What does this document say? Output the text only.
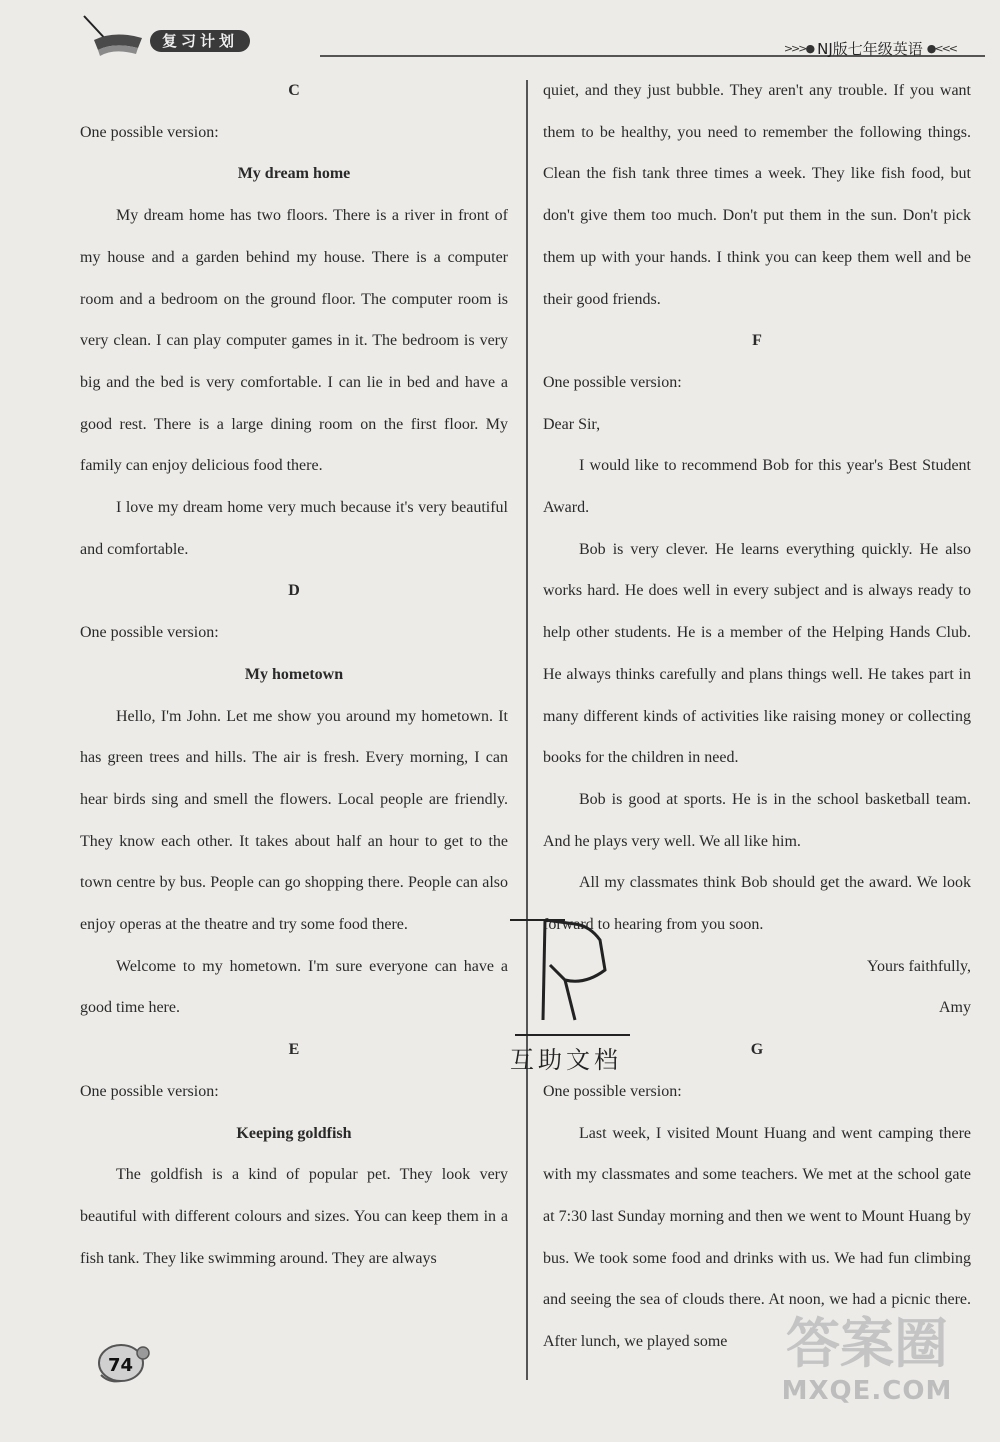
复习计划	>>>● NJ版七年级英语 ●<<<

C

One possible version:

My dream home

My dream home has two floors. There is a river in front of my house and a garden behind my house. There is a computer room and a bedroom on the ground floor. The computer room is very clean. I can play computer games in it. The bedroom is very big and the bed is very comfortable. I can lie in bed and have a good rest. There is a large dining room on the first floor. My family can enjoy delicious food there.

I love my dream home very much because it's very beautiful and comfortable.

D

One possible version:

My hometown

Hello, I'm John. Let me show you around my hometown. It has green trees and hills. The air is fresh. Every morning, I can hear birds sing and smell the flowers. Local people are friendly. They know each other. It takes about half an hour to get to the town centre by bus. People can go shopping there. People can also enjoy operas at the theatre and try some food there.

Welcome to my hometown. I'm sure everyone can have a good time here.

E

One possible version:

Keeping goldfish

The goldfish is a kind of popular pet. They look very beautiful with different colours and sizes. You can keep them in a fish tank. They like swimming around. They are always

quiet, and they just bubble. They aren't any trouble. If you want them to be healthy, you need to remember the following things. Clean the fish tank three times a week. They like fish food, but don't give them too much. Don't put them in the sun. Don't pick them up with your hands. I think you can keep them well and be their good friends.

F

One possible version:

Dear Sir,

I would like to recommend Bob for this year's Best Student Award.

Bob is very clever. He learns everything quickly. He also works hard. He does well in every subject and is always ready to help other students. He is a member of the Helping Hands Club. He always thinks carefully and plans things well. He takes part in many different kinds of activities like raising money or collecting books for the children in need.

Bob is good at sports. He is in the school basketball team. And he plays very well. We all like him.

All my classmates think Bob should get the award. We look forward to hearing from you soon.

Yours faithfully,

Amy

G

One possible version:

Last week, I visited Mount Huang and went camping there with my classmates and some teachers. We met at the school gate at 7:30 last Sunday morning and then we went to Mount Huang by bus. We took some food and drinks with us. We had fun climbing and seeing the sea of clouds there. At noon, we had a picnic there. After lunch, we played some

互助文档
74	答案圈
MXQE.COM
